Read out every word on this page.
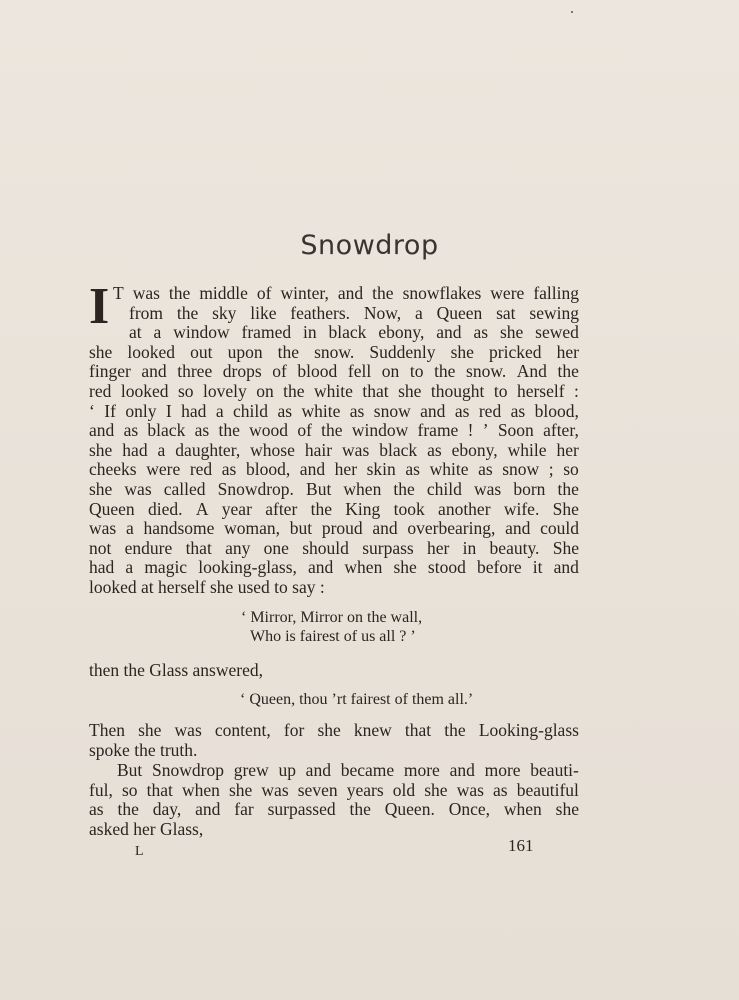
Snowdrop
I T was the middle of winter, and the snowflakes were falling
from the sky like feathers. Now, a Queen sat sewing
at a window framed in black ebony, and as she sewed
she looked out upon the snow. Suddenly she pricked her
finger and three drops of blood fell on to the snow. And the
red looked so lovely on the white that she thought to herself :
‘ If only I had a child as white as snow and as red as blood,
and as black as the wood of the window frame ! ’ Soon after,
she had a daughter, whose hair was black as ebony, while her
cheeks were red as blood, and her skin as white as snow ; so
she was called Snowdrop. But when the child was born the
Queen died. A year after the King took another wife. She
was a handsome woman, but proud and overbearing, and could
not endure that any one should surpass her in beauty. She
had a magic looking-glass, and when she stood before it and
looked at herself she used to say :
‘ Mirror, Mirror on the wall,
Who is fairest of us all ? ’
then the Glass answered,
‘ Queen, thou ’rt fairest of them all.’
Then she was content, for she knew that the Looking-glass
spoke the truth.
But Snowdrop grew up and became more and more beauti-
ful, so that when she was seven years old she was as beautiful
as the day, and far surpassed the Queen. Once, when she
asked her Glass,
161
L
